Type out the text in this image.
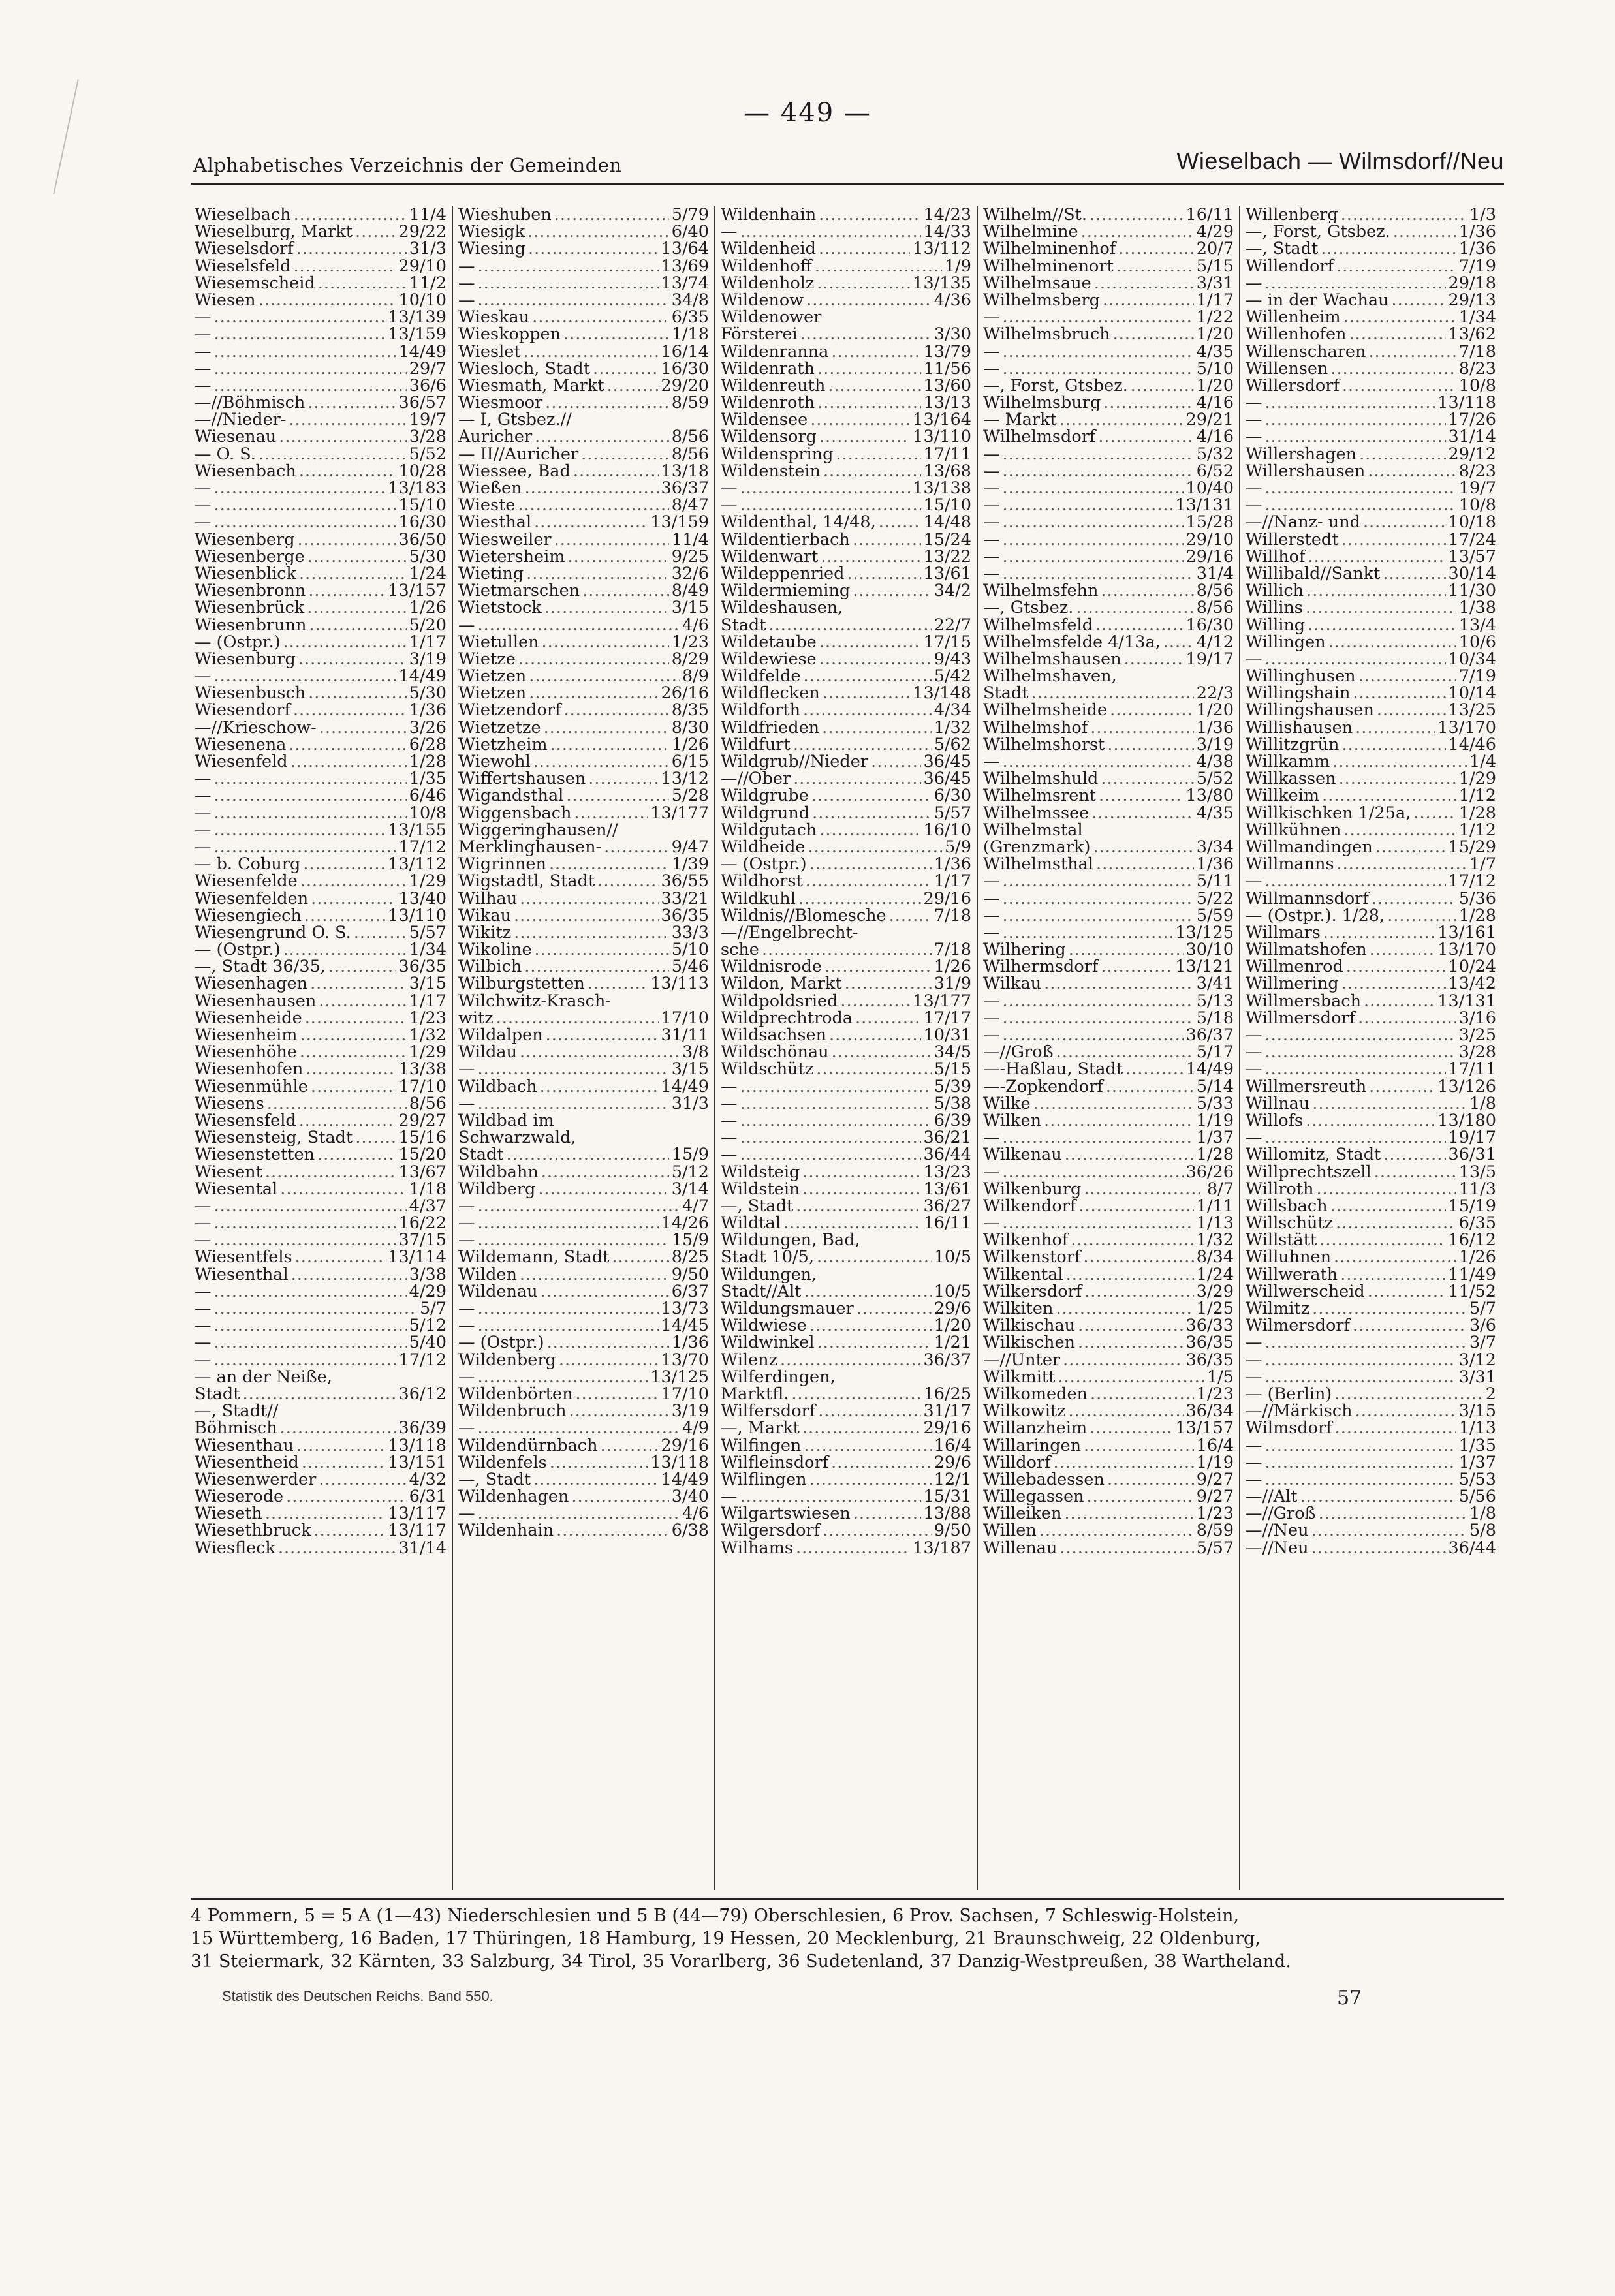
— 449 —
Alphabetisches Verzeichnis der Gemeinden	Wieselbach — Wilmsdorf//Neu
Wieselbach .....	11/4
Wieselburg, Markt .....	29/22
Wieselsdorf .....	31/3
Wieselsfeld .....	29/10
Wiesemscheid .....	11/2
Wiesen .....	10/10
— .....	13/139
— .....	13/159
— .....	14/49
— .....	29/7
— .....	36/6
—//Böhmisch .....	36/57
—//Nieder- .....	19/7
Wiesenau .....	3/28
— O. S. .....	5/52
Wiesenbach .....	10/28
— .....	13/183
— .....	15/10
— .....	16/30
Wiesenberg .....	36/50
Wiesenberge .....	5/30
Wiesenblick .....	1/24
Wiesenbronn .....	13/157
Wiesenbrück .....	1/26
Wiesenbrunn .....	5/20
— (Ostpr.) .....	1/17
Wiesenburg .....	3/19
— .....	14/49
Wiesenbusch .....	5/30
Wiesendorf .....	1/36
—//Krieschow- .....	3/26
Wiesenena .....	6/28
Wiesenfeld .....	1/28
— .....	1/35
— .....	6/46
— .....	10/8
— .....	13/155
— .....	17/12
— b. Coburg .....	13/112
Wiesenfelde .....	1/29
Wiesenfelden .....	13/40
Wiesengiech .....	13/110
Wiesengrund O. S. .....	5/57
— (Ostpr.) .....	1/34
—, Stadt 36/35, .....	36/35
Wiesenhagen .....	3/15
Wiesenhausen .....	1/17
Wiesenheide .....	1/23
Wiesenheim .....	1/32
Wiesenhöhe .....	1/29
Wiesenhofen .....	13/38
Wiesenmühle .....	17/10
Wiesens .....	8/56
Wiesensfeld .....	29/27
Wiesensteig, Stadt .....	15/16
Wiesenstetten .....	15/20
Wiesent .....	13/67
Wiesental .....	1/18
— .....	4/37
— .....	16/22
— .....	37/15
Wiesentfels .....	13/114
Wiesenthal .....	3/38
— .....	4/29
— .....	5/7
— .....	5/12
— .....	5/40
— .....	17/12
— an der Neiße,
Stadt .....	36/12
—, Stadt//
Böhmisch .....	36/39
Wiesenthau .....	13/118
Wiesentheid .....	13/151
Wiesenwerder .....	4/32
Wieserode .....	6/31
Wieseth .....	13/117
Wiesethbruck .....	13/117
Wiesfleck .....	31/14
Wieshuben .....	5/79
Wiesigk .....	6/40
Wiesing .....	13/64
— .....	13/69
— .....	13/74
— .....	34/8
Wieskau .....	6/35
Wieskoppen .....	1/18
Wieslet .....	16/14
Wiesloch, Stadt .....	16/30
Wiesmath, Markt .....	29/20
Wiesmoor .....	8/59
— I, Gtsbez.//
Auricher .....	8/56
— II//Auricher .....	8/56
Wiessee, Bad .....	13/18
Wießen .....	36/37
Wieste .....	8/47
Wiesthal .....	13/159
Wiesweiler .....	11/4
Wietersheim .....	9/25
Wieting .....	32/6
Wietmarschen .....	8/49
Wietstock .....	3/15
— .....	4/6
Wietullen .....	1/23
Wietze .....	8/29
Wietzen .....	8/9
Wietzen .....	26/16
Wietzendorf .....	8/35
Wietzetze .....	8/30
Wietzheim .....	1/26
Wiewohl .....	6/15
Wiffertshausen .....	13/12
Wigandsthal .....	5/28
Wiggensbach .....	13/177
Wiggeringhausen//
Merklinghausen- .....	9/47
Wigrinnen .....	1/39
Wigstadtl, Stadt .....	36/55
Wilhau .....	33/21
Wikau .....	36/35
Wikitz .....	33/3
Wikoline .....	5/10
Wilbich .....	5/46
Wilburgstetten .....	13/113
Wilchwitz-Krasch-
witz .....	17/10
Wildalpen .....	31/11
Wildau .....	3/8
— .....	3/15
Wildbach .....	14/49
— .....	31/3
Wildbad im
Schwarzwald,
Stadt .....	15/9
Wildbahn .....	5/12
Wildberg .....	3/14
— .....	4/7
— .....	14/26
— .....	15/9
Wildemann, Stadt .....	8/25
Wilden .....	9/50
Wildenau .....	6/37
— .....	13/73
— .....	14/45
— (Ostpr.) .....	1/36
Wildenberg .....	13/70
— .....	13/125
Wildenbörten .....	17/10
Wildenbruch .....	3/19
— .....	4/9
Wildendürnbach .....	29/16
Wildenfels .....	13/118
—, Stadt .....	14/49
Wildenhagen .....	3/40
— .....	4/6
Wildenhain .....	6/38
Wildenhain .....	14/23
— .....	14/33
Wildenheid .....	13/112
Wildenhoff .....	1/9
Wildenholz .....	13/135
Wildenow .....	4/36
Wildenower
Försterei .....	3/30
Wildenranna .....	13/79
Wildenrath .....	11/56
Wildenreuth .....	13/60
Wildenroth .....	13/13
Wildensee .....	13/164
Wildensorg .....	13/110
Wildenspring .....	17/11
Wildenstein .....	13/68
— .....	13/138
— .....	15/10
Wildenthal, 14/48, .....	14/48
Wildentierbach .....	15/24
Wildenwart .....	13/22
Wildeppenried .....	13/61
Wildermieming .....	34/2
Wildeshausen,
Stadt .....	22/7
Wildetaube .....	17/15
Wildewiese .....	9/43
Wildfelde .....	5/42
Wildflecken .....	13/148
Wildforth .....	4/34
Wildfrieden .....	1/32
Wildfurt .....	5/62
Wildgrub//Nieder .....	36/45
—//Ober .....	36/45
Wildgrube .....	6/30
Wildgrund .....	5/57
Wildgutach .....	16/10
Wildheide .....	5/9
— (Ostpr.) .....	1/36
Wildhorst .....	1/17
Wildkuhl .....	29/16
Wildnis//Blomesche .....	7/18
—//Engelbrecht-
sche .....	7/18
Wildnisrode .....	1/26
Wildon, Markt .....	31/9
Wildpoldsried .....	13/177
Wildprechtroda .....	17/17
Wildsachsen .....	10/31
Wildschönau .....	34/5
Wildschütz .....	5/15
— .....	5/39
— .....	5/38
— .....	6/39
— .....	36/21
— .....	36/44
Wildsteig .....	13/23
Wildstein .....	13/61
—, Stadt .....	36/27
Wildtal .....	16/11
Wildungen, Bad,
Stadt 10/5, .....	10/5
Wildungen,
Stadt//Alt .....	10/5
Wildungsmauer .....	29/6
Wildwiese .....	1/20
Wildwinkel .....	1/21
Wilenz .....	36/37
Wilferdingen,
Marktfl. .....	16/25
Wilfersdorf .....	31/17
—, Markt .....	29/16
Wilfingen .....	16/4
Wilfleinsdorf .....	29/6
Wilflingen .....	12/1
— .....	15/31
Wilgartswiesen .....	13/88
Wilgersdorf .....	9/50
Wilhams .....	13/187
Wilhelm//St. .....	16/11
Wilhelmine .....	4/29
Wilhelminenhof .....	20/7
Wilhelminenort .....	5/15
Wilhelmsaue .....	3/31
Wilhelmsberg .....	1/17
— .....	1/22
Wilhelmsbruch .....	1/20
— .....	4/35
— .....	5/10
—, Forst, Gtsbez. .....	1/20
Wilhelmsburg .....	4/16
— Markt .....	29/21
Wilhelmsdorf .....	4/16
— .....	5/32
— .....	6/52
— .....	10/40
— .....	13/131
— .....	15/28
— .....	29/10
— .....	29/16
— .....	31/4
Wilhelmsfehn .....	8/56
—, Gtsbez. .....	8/56
Wilhelmsfeld .....	16/30
Wilhelmsfelde 4/13a, ..... 4/12
Wilhelmshausen .....	19/17
Wilhelmshaven,
Stadt .....	22/3
Wilhelmsheide .....	1/20
Wilhelmshof .....	1/36
Wilhelmshorst .....	3/19
— .....	4/38
Wilhelmshuld .....	5/52
Wilhelmsrent .....	13/80
Wilhelmssee .....	4/35
Wilhelmstal
(Grenzmark) .....	3/34
Wilhelmsthal .....	1/36
— .....	5/11
— .....	5/22
— .....	5/59
— .....	13/125
Wilhering .....	30/10
Wilhermsdorf .....	13/121
Wilkau .....	3/41
— .....	5/13
— .....	5/18
— .....	36/37
—//Groß .....	5/17
—-Haßlau, Stadt .....	14/49
—-Zopkendorf .....	5/14
Wilke .....	5/33
Wilken .....	1/19
— .....	1/37
Wilkenau .....	1/28
— .....	36/26
Wilkenburg .....	8/7
Wilkendorf .....	1/11
— .....	1/13
Wilkenhof .....	1/32
Wilkenstorf .....	8/34
Wilkental .....	1/24
Wilkersdorf .....	3/29
Wilkiten .....	1/25
Wilkischau .....	36/33
Wilkischen .....	36/35
—//Unter .....	36/35
Wilkmitt .....	1/5
Wilkomeden .....	1/23
Wilkowitz .....	36/34
Willanzheim .....	13/157
Willaringen .....	16/4
Willdorf .....	1/19
Willebadessen .....	9/27
Willegassen .....	9/27
Willeiken .....	1/23
Willen .....	8/59
Willenau .....	5/57
Willenberg .....	1/3
—, Forst, Gtsbez. .....	1/36
—, Stadt .....	1/36
Willendorf .....	7/19
— .....	29/18
— in der Wachau .....	29/13
Willenheim .....	1/34
Willenhofen .....	13/62
Willenscharen .....	7/18
Willensen .....	8/23
Willersdorf .....	10/8
— .....	13/118
— .....	17/26
— .....	31/14
Willershagen .....	29/12
Willershausen .....	8/23
— .....	19/7
— .....	10/8
—//Nanz- und .....	10/18
Willerstedt .....	17/24
Willhof .....	13/57
Willibald//Sankt .....	30/14
Willich .....	11/30
Willins .....	1/38
Willing .....	13/4
Willingen .....	10/6
— .....	10/34
Willinghusen .....	7/19
Willingshain .....	10/14
Willingshausen .....	13/25
Willishausen .....	13/170
Willitzgrün .....	14/46
Willkamm .....	1/4
Willkassen .....	1/29
Willkeim .....	1/12
Willkischken 1/25a, .....	1/28
Willkühnen .....	1/12
Willmandingen .....	15/29
Willmanns .....	1/7
— .....	17/12
Willmannsdorf .....	5/36
— (Ostpr.). 1/28, .....	1/28
Willmars .....	13/161
Willmatshofen .....	13/170
Willmenrod .....	10/24
Willmering .....	13/42
Willmersbach .....	13/131
Willmersdorf .....	3/16
— .....	3/25
— .....	3/28
— .....	17/11
Willmersreuth .....	13/126
Willnau .....	1/8
Willofs .....	13/180
— .....	19/17
Willomitz, Stadt .....	36/31
Willprechtszell .....	13/5
Willroth .....	11/3
Willsbach .....	15/19
Willschütz .....	6/35
Willstätt .....	16/12
Willuhnen .....	1/26
Willwerath .....	11/49
Willwerscheid .....	11/52
Wilmitz .....	5/7
Wilmersdorf .....	3/6
— .....	3/7
— .....	3/12
— .....	3/31
— (Berlin) .....	2
—//Märkisch .....	3/15
Wilmsdorf .....	1/13
— .....	1/35
— .....	1/37
— .....	5/53
—//Alt .....	5/56
—//Groß .....	1/8
—//Neu .....	5/8
—//Neu .....	36/44
4 Pommern, 5 = 5 A (1—43) Niederschlesien und 5 B (44—79) Oberschlesien, 6 Prov. Sachsen, 7 Schleswig-Holstein,
15 Württemberg, 16 Baden, 17 Thüringen, 18 Hamburg, 19 Hessen, 20 Mecklenburg, 21 Braunschweig, 22 Oldenburg,
31 Steiermark, 32 Kärnten, 33 Salzburg, 34 Tirol, 35 Vorarlberg, 36 Sudetenland, 37 Danzig-Westpreußen, 38 Wartheland.
Statistik des Deutschen Reichs. Band 550.	57
